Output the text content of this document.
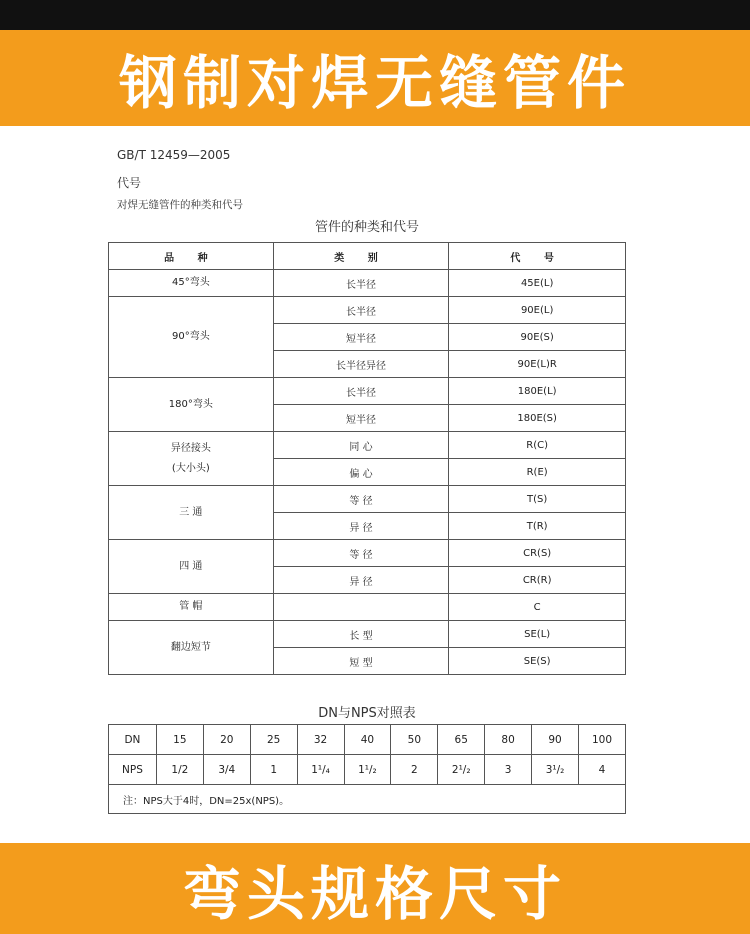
钢制对焊无缝管件
GB/T 12459—2005
代号
对焊无缝管件的种类和代号
管件的种类和代号
品 种	类 别	代 号
45°弯头	长半径	45E(L)
90°弯头	长半径	90E(L)
	短半径	90E(S)
	长半径异径	90E(L)R
180°弯头	长半径	180E(L)
	短半径	180E(S)
异径接头
(大小头)	同 心	R(C)
	偏 心	R(E)
三 通	等 径	T(S)
	异 径	T(R)
四 通	等 径	CR(S)
	异 径	CR(R)
管 帽		C
翻边短节	长 型	SE(L)
	短 型	SE(S)
DN与NPS对照表
DN	15	20	25	32	40	50	65	80	90	100
NPS	1/2	3/4	1	1¹/₄	1¹/₂	2	2¹/₂	3	3¹/₂	4
注：NPS大于4时，DN=25x(NPS)。										
弯头规格尺寸
